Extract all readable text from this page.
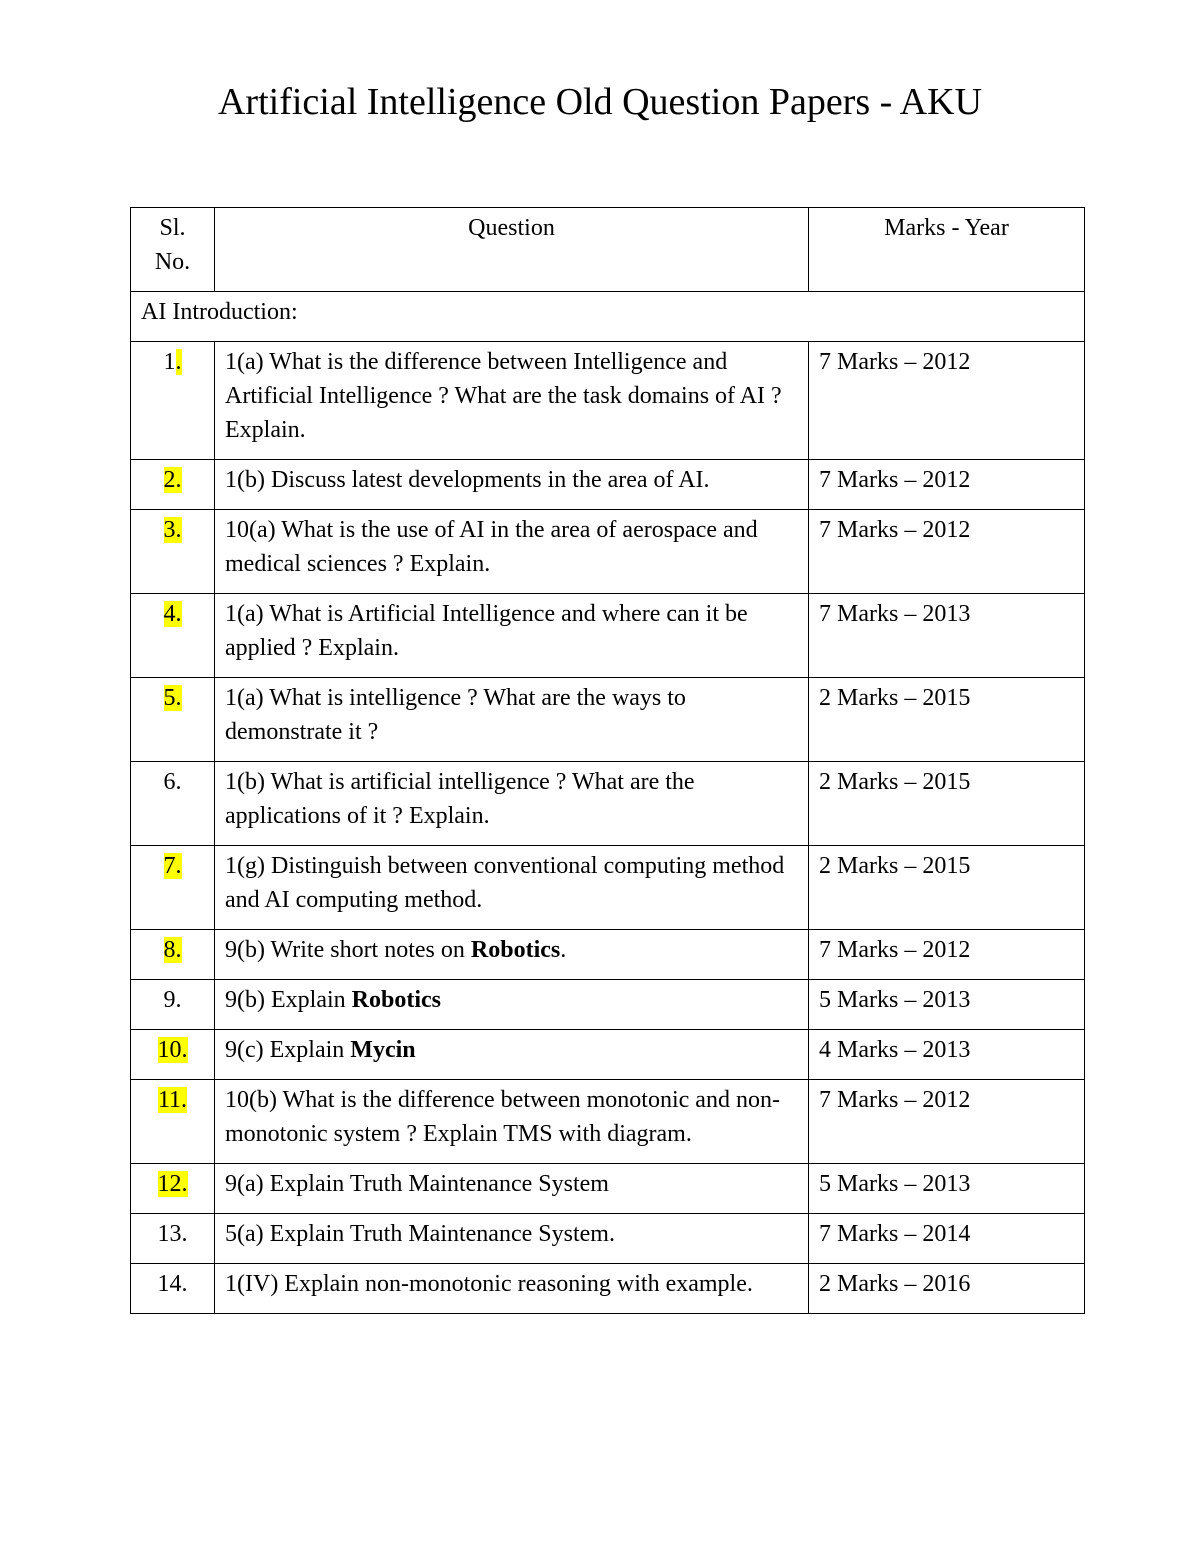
Artificial Intelligence Old Question Papers - AKU
Sl. No.	Question	Marks - Year
AI Introduction:		
1.	1(a) What is the difference between Intelligence and Artificial Intelligence ? What are the task domains of AI ? Explain.	7 Marks – 2012
2.	1(b) Discuss latest developments in the area of AI.	7 Marks – 2012
3.	10(a) What is the use of AI in the area of aerospace and medical sciences ? Explain.	7 Marks – 2012
4.	1(a) What is Artificial Intelligence and where can it be applied ? Explain.	7 Marks – 2013
5.	1(a) What is intelligence ? What are the ways to demonstrate it ?	2 Marks – 2015
6.	1(b) What is artificial intelligence ? What are the applications of it ? Explain.	2 Marks – 2015
7.	1(g) Distinguish between conventional computing method and AI computing method.	2 Marks – 2015
8.	9(b) Write short notes on Robotics.	7 Marks – 2012
9.	9(b) Explain Robotics	5 Marks – 2013
10.	9(c) Explain Mycin	4 Marks – 2013
11.	10(b) What is the difference between monotonic and non-monotonic system ? Explain TMS with diagram.	7 Marks – 2012
12.	9(a) Explain Truth Maintenance System	5 Marks – 2013
13.	5(a) Explain Truth Maintenance System.	7 Marks – 2014
14.	1(IV) Explain non-monotonic reasoning with example.	2 Marks – 2016
